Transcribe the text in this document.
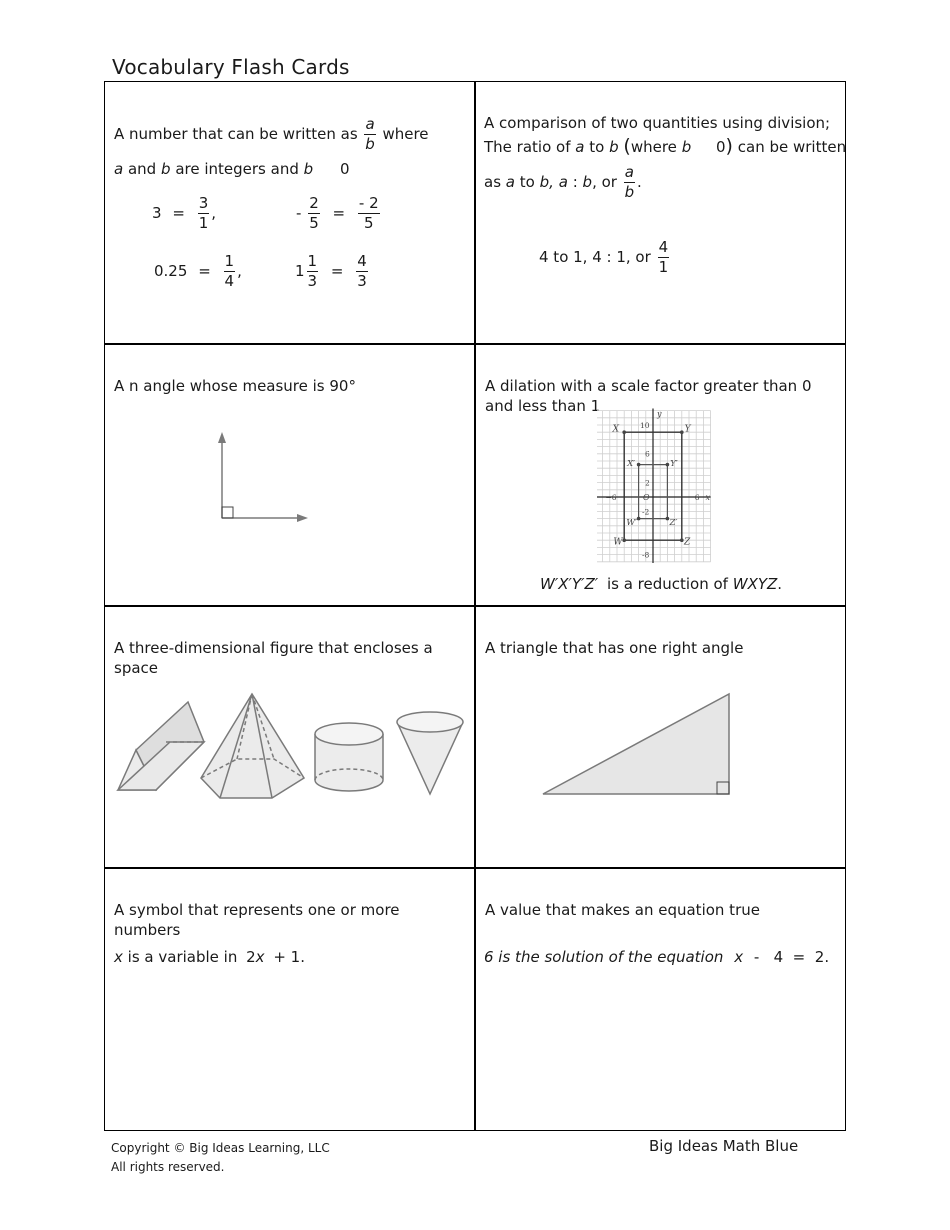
Vocabulary Flash Cards
A number that can be written as $\frac{a}{b}$ where
a and b are integers and b 0
$3 = \frac{3}{1}$ ,	- $\frac{2}{5} = \frac{- 2}{5}$
$0.25 = \frac{1}{4}$ ,	$1 \frac{1}{3} = \frac{4}{3}$
A comparison of two quantities using division;
The ratio of a to b (where b 0) can be written
as a to b, a : b, or $\frac{a}{b}$ .
4 to 1, 4 : 1, or $\frac{4}{1}$
A n angle whose measure is 90°	A dilation with a scale factor greater than 0 and less than 1	y
x
10
6
2
-2
-8
−6	6
O
X	Y
W	Z
X′	Y′
W′	Z′
W′X′Y′Z′ is a reduction of WXYZ.
A three-dimensional figure that encloses a space
A triangle that has one right angle
A symbol that represents one or more numbers
x is a variable in 2x + 1.
A value that makes an equation true
6 is the solution of the equation x -   4  =  2.
Copyright © Big Ideas Learning, LLC
All rights reserved.
Big Ideas Math Blue
